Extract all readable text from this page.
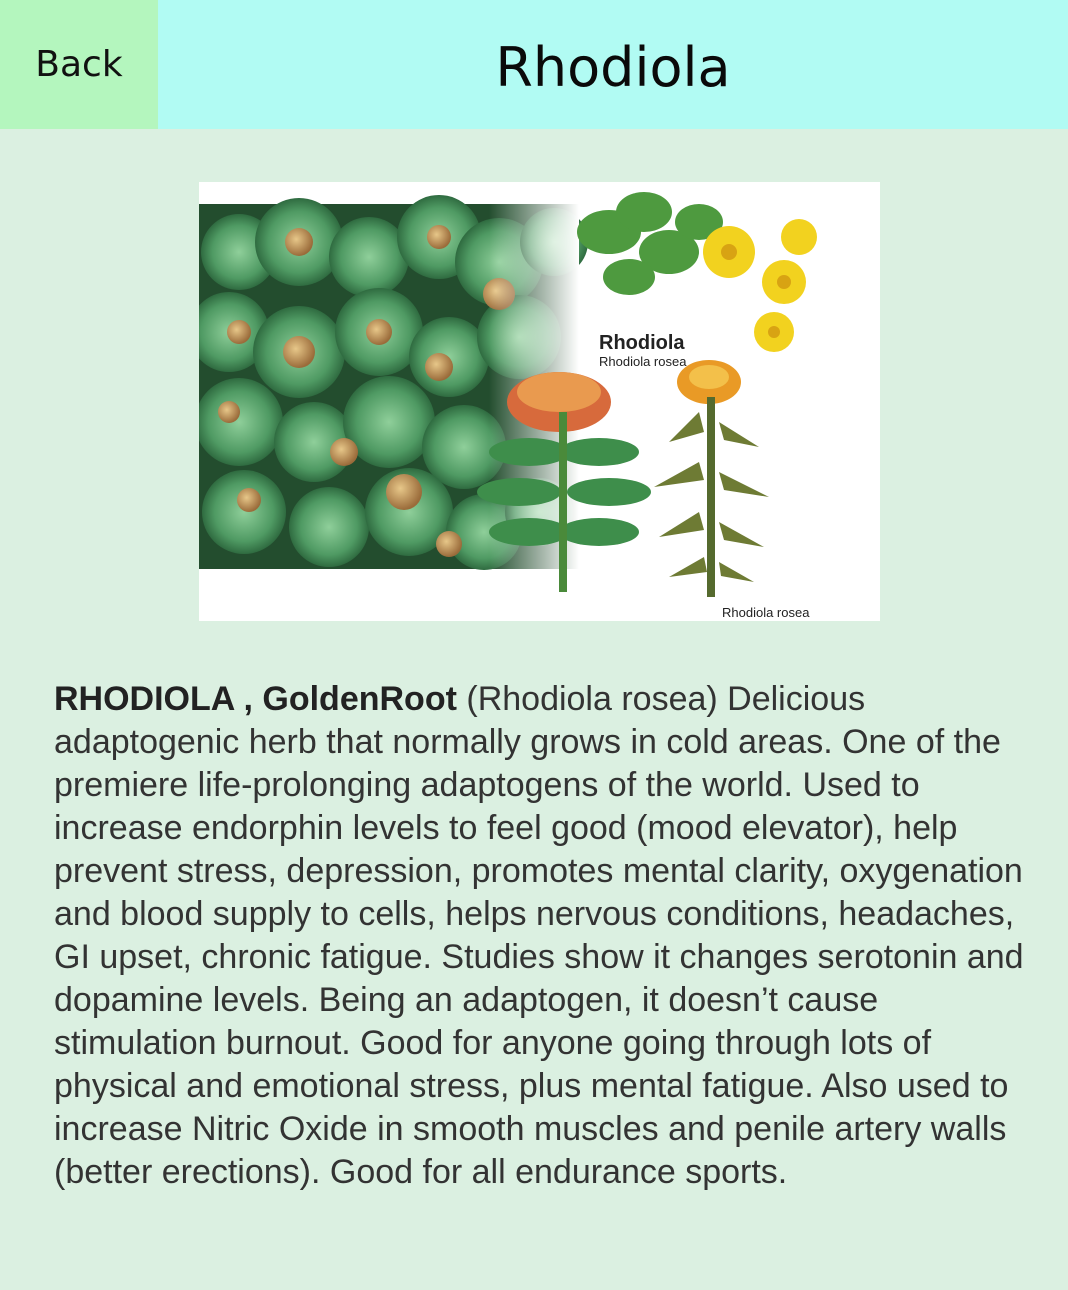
Back	Rhodiola
Rhodiola
Rhodiola rosea
Rhodiola rosea

RHODIOLA , GoldenRoot (Rhodiola rosea) Delicious adaptogenic herb that normally grows in cold areas. One of the premiere life-prolonging adaptogens of the world. Used to increase endorphin levels to feel good (mood elevator), help prevent stress, depression, promotes mental clarity, oxygenation and blood supply to cells, helps nervous conditions, headaches, GI upset, chronic fatigue. Studies show it changes serotonin and dopamine levels. Being an adaptogen, it doesn’t cause stimulation burnout. Good for anyone going through lots of physical and emotional stress, plus mental fatigue. Also used to increase Nitric Oxide in smooth muscles and penile artery walls (better erections). Good for all endurance sports.
